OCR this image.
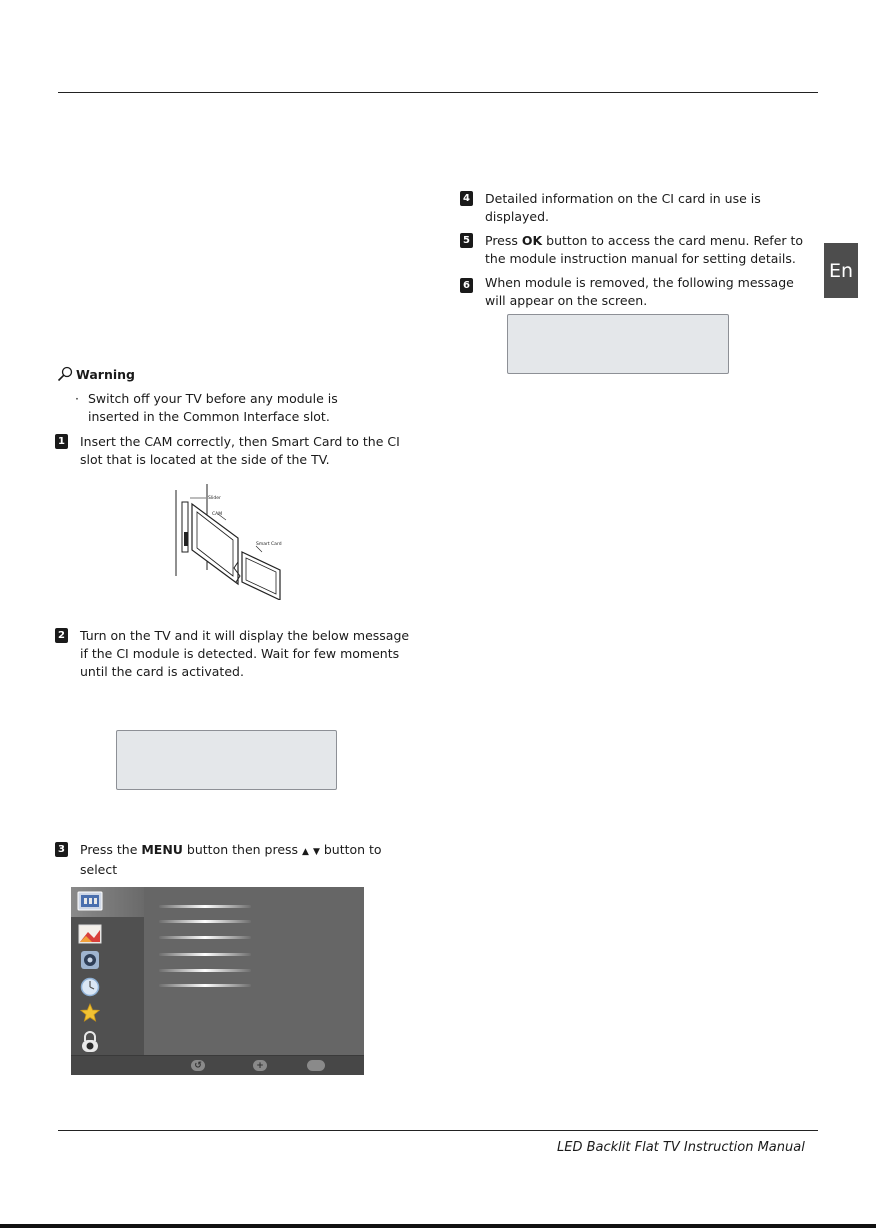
En
Warning
· Switch off your TV before any module is inserted in the Common Interface slot.
1 Insert the CAM correctly, then Smart Card to the CI
slot that is located at the side of the TV.
Slider
CAM
Smart Card
2 Turn on the TV and it will display the below message
if the CI module is detected. Wait for few moments
until the card is activated.
3 Press the MENU button then press ▲ ▼ button to
select
↺	+
4 Detailed information on the CI card in use is
displayed.
5 Press OK button to access the card menu. Refer to
the module instruction manual for setting details.
6 When module is removed, the following message
will appear on the screen.
LED Backlit Flat TV Instruction Manual
